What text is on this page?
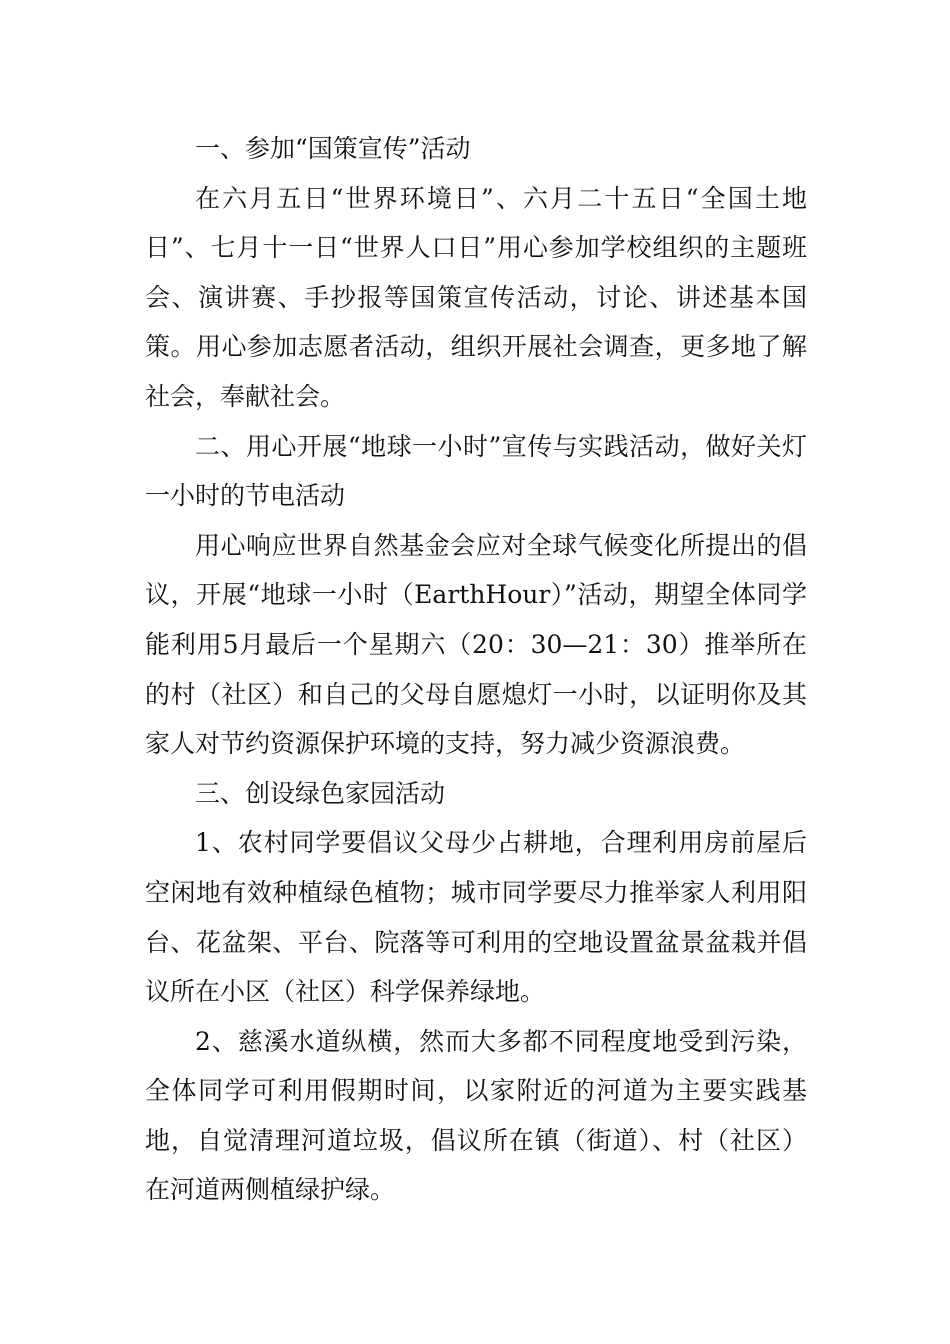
一、参加“国策宣传”活动

在六月五日“世界环境日”、六月二十五日“全国土地日”、七月十一日“世界人口日”用心参加学校组织的主题班会、演讲赛、手抄报等国策宣传活动，讨论、讲述基本国策。用心参加志愿者活动，组织开展社会调查，更多地了解社会，奉献社会。

二、用心开展“地球一小时”宣传与实践活动，做好关灯一小时的节电活动

用心响应世界自然基金会应对全球气候变化所提出的倡议，开展“地球一小时（EarthHour）”活动，期望全体同学能利用5月最后一个星期六（20：30—21：30）推举所在的村（社区）和自己的父母自愿熄灯一小时，以证明你及其家人对节约资源保护环境的支持，努力减少资源浪费。

三、创设绿色家园活动

1、农村同学要倡议父母少占耕地，合理利用房前屋后空闲地有效种植绿色植物；城市同学要尽力推举家人利用阳台、花盆架、平台、院落等可利用的空地设置盆景盆栽并倡议所在小区（社区）科学保养绿地。

2、慈溪水道纵横，然而大多都不同程度地受到污染，全体同学可利用假期时间，以家附近的河道为主要实践基地，自觉清理河道垃圾，倡议所在镇（街道）、村（社区）在河道两侧植绿护绿。
